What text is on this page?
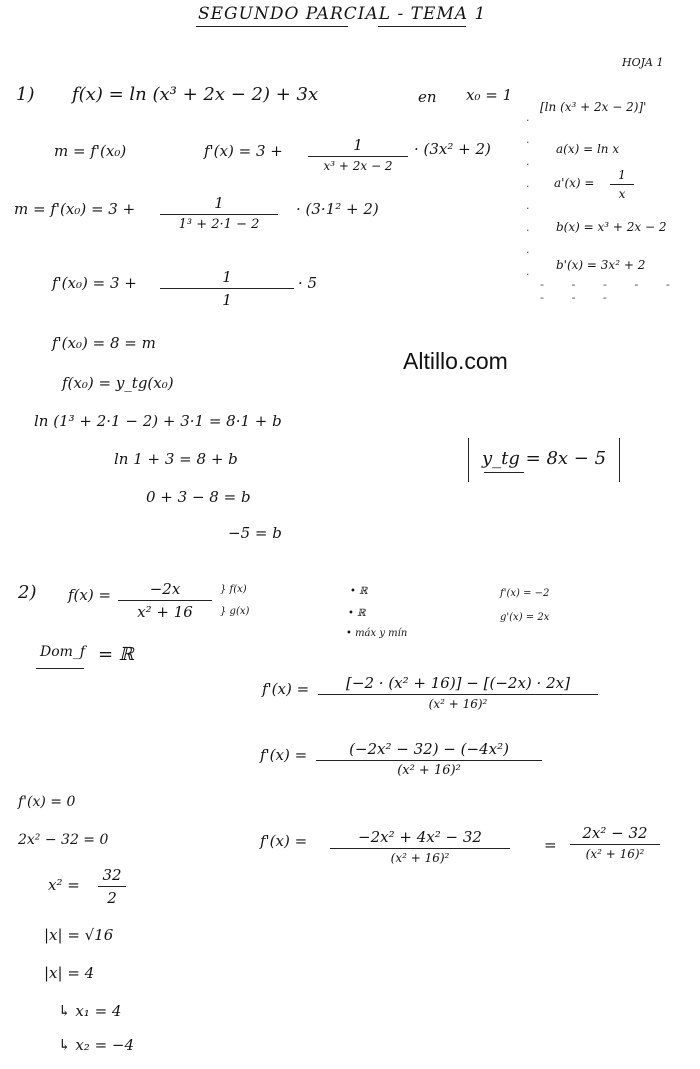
SEGUNDO PARCIAL - TEMA 1
HOJA 1
1) f(x) = ln (x³ + 2x − 2) + 3x	en x₀ = 1
[ln (x³ + 2x − 2)]'
a(x) = ln x
a'(x) =
1
x
b(x) = x³ + 2x − 2
b'(x) = 3x² + 2
·
·
·
·
·
·
·
·
- - - - - - - -
m = f'(x₀)	f'(x) = 3 +	1
x³ + 2x − 2
· (3x² + 2)
m = f'(x₀) = 3 +	1
1³ + 2·1 − 2
· (3·1² + 2)
f'(x₀) = 3 +	1
1
· 5
f'(x₀) = 8 = m
f(x₀) = y_tg(x₀)
Altillo.com
ln (1³ + 2·1 − 2) + 3·1 = 8·1 + b
ln 1 + 3 = 8 + b
0 + 3 − 8 = b
−5 = b
y_tg = 8x − 5
2) f(x) =	−2x
x² + 16
} f(x)
} g(x)
• ℝ
• ℝ
• máx y mín
f'(x) = −2
g'(x) = 2x
Dom_f = ℝ
f'(x) =	[−2 · (x² + 16)] − [(−2x) · 2x]
(x² + 16)²
f'(x) =	(−2x² − 32) − (−4x²)
(x² + 16)²
f'(x) =	−2x² + 4x² − 32
(x² + 16)²
=
2x² − 32
(x² + 16)²
f'(x) = 0
2x² − 32 = 0
x² =
32
2
|x| = √16
|x| = 4
↳ x₁ = 4
↳ x₂ = −4
